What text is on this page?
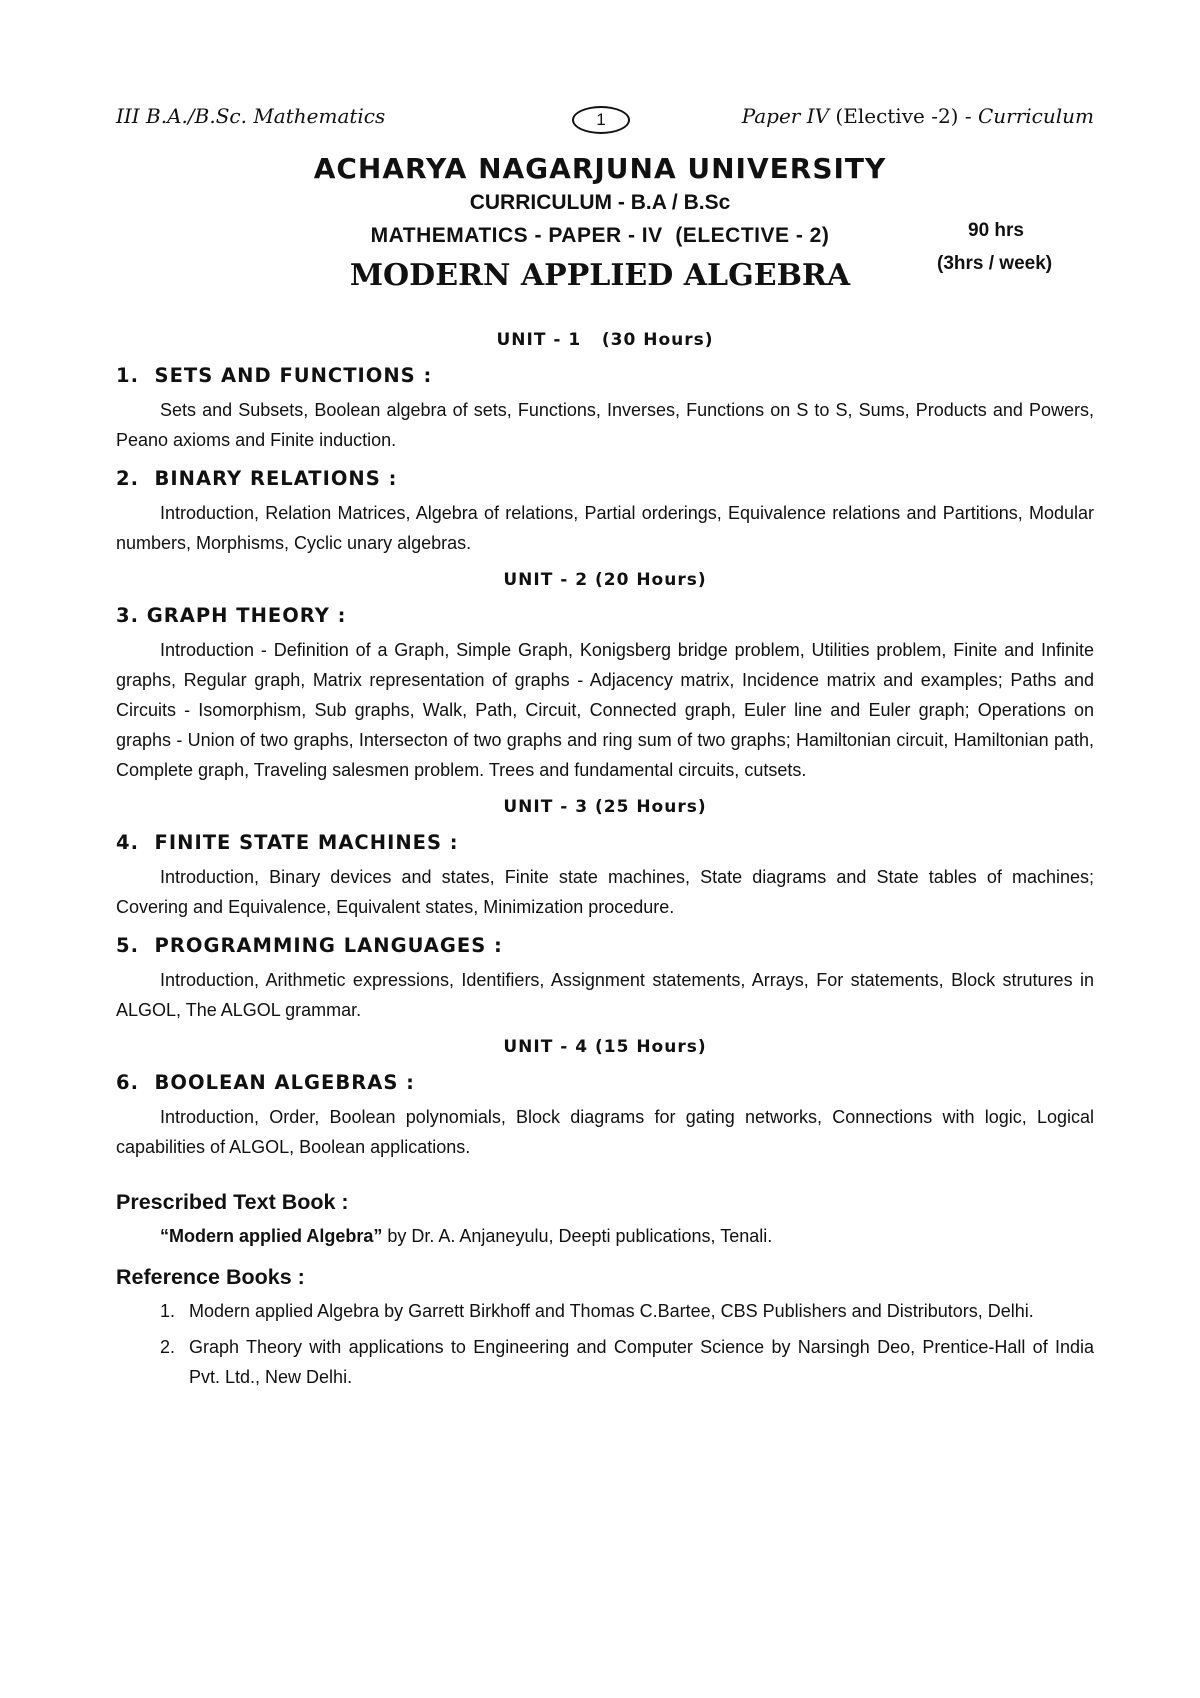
III B.A./B.Sc. Mathematics	1	Paper IV (Elective -2) - Curriculum
ACHARYA NAGARJUNA UNIVERSITY
CURRICULUM - B.A / B.Sc
MATHEMATICS - PAPER - IV  (ELECTIVE - 2)
MODERN APPLIED ALGEBRA
90 hrs
(3hrs / week)
UNIT - 1   (30 Hours)
1.  SETS AND FUNCTIONS :

Sets and Subsets, Boolean algebra of sets, Functions, Inverses, Functions on S to S, Sums, Products and Powers, Peano axioms and Finite induction.

2.  BINARY RELATIONS :

Introduction, Relation Matrices, Algebra of relations, Partial orderings, Equivalence relations and Partitions, Modular numbers, Morphisms, Cyclic unary algebras.

UNIT - 2 (20 Hours)
3. GRAPH THEORY :

Introduction - Definition of a Graph, Simple Graph, Konigsberg bridge problem, Utilities problem, Finite and Infinite graphs, Regular graph, Matrix representation of graphs - Adjacency matrix, Incidence matrix and examples; Paths and Circuits - Isomorphism, Sub graphs, Walk, Path, Circuit, Connected graph, Euler line and Euler graph; Operations on graphs - Union of two graphs, Intersecton of two graphs and ring sum of two graphs; Hamiltonian circuit, Hamiltonian path, Complete graph, Traveling salesmen problem. Trees and fundamental circuits, cutsets.

UNIT - 3 (25 Hours)
4.  FINITE STATE MACHINES :

Introduction, Binary devices and states, Finite state machines, State diagrams and State tables of machines; Covering and Equivalence, Equivalent states, Minimization procedure.

5.  PROGRAMMING LANGUAGES :

Introduction, Arithmetic expressions, Identifiers, Assignment statements, Arrays, For statements, Block strutures in ALGOL, The ALGOL grammar.

UNIT - 4 (15 Hours)
6.  BOOLEAN ALGEBRAS :

Introduction, Order, Boolean polynomials, Block diagrams for gating networks, Connections with logic, Logical capabilities of ALGOL, Boolean applications.

Prescribed Text Book :

“Modern applied Algebra” by Dr. A. Anjaneyulu, Deepti publications, Tenali.

Reference Books :
1. Modern applied Algebra by Garrett Birkhoff and Thomas C.Bartee, CBS Publishers and Distributors, Delhi.
2. Graph Theory with applications to Engineering and Computer Science by Narsingh Deo, Prentice-Hall of India Pvt. Ltd., New Delhi.
